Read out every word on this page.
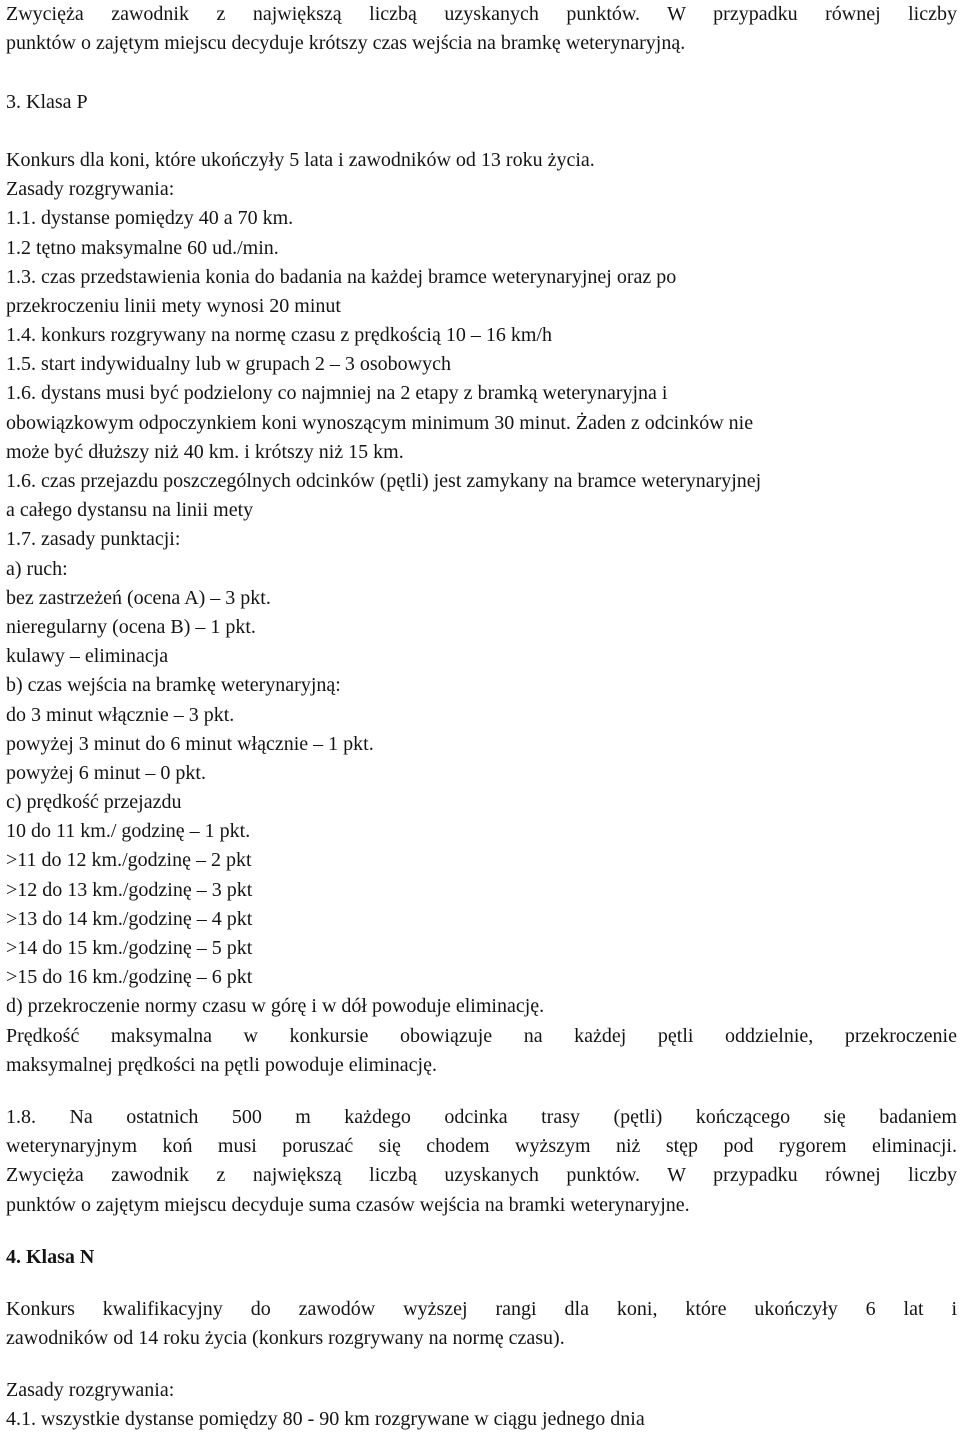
Zwycięża zawodnik z największą liczbą uzyskanych punktów. W przypadku równej liczby
punktów o zajętym miejscu decyduje krótszy czas wejścia na bramkę weterynaryjną.
3. Klasa P
Konkurs dla koni, które ukończyły 5 lata i zawodników od 13 roku życia.
Zasady rozgrywania:
1.1. dystanse pomiędzy 40 a 70 km.
1.2 tętno maksymalne 60 ud./min.
1.3. czas przedstawienia konia do badania na każdej bramce weterynaryjnej oraz po
przekroczeniu linii mety wynosi 20 minut
1.4. konkurs rozgrywany na normę czasu z prędkością 10 – 16 km/h
1.5. start indywidualny lub w grupach 2 – 3 osobowych
1.6. dystans musi być podzielony co najmniej na 2 etapy z bramką weterynaryjna i
obowiązkowym odpoczynkiem koni wynoszącym minimum 30 minut. Żaden z odcinków nie
może być dłuższy niż 40 km. i krótszy niż 15 km.
1.6. czas przejazdu poszczególnych odcinków (pętli) jest zamykany na bramce weterynaryjnej
a całego dystansu na linii mety
1.7. zasady punktacji:
a) ruch:
bez zastrzeżeń (ocena A) – 3 pkt.
nieregularny (ocena B) – 1 pkt.
kulawy – eliminacja
b) czas wejścia na bramkę weterynaryjną:
do 3 minut włącznie – 3 pkt.
powyżej 3 minut do 6 minut włącznie – 1 pkt.
powyżej 6 minut – 0 pkt.
c) prędkość przejazdu
10 do 11 km./ godzinę – 1 pkt.
>11 do 12 km./godzinę – 2 pkt
>12 do 13 km./godzinę – 3 pkt
>13 do 14 km./godzinę – 4 pkt
>14 do 15 km./godzinę – 5 pkt
>15 do 16 km./godzinę – 6 pkt
d) przekroczenie normy czasu w górę i w dół powoduje eliminację.
Prędkość maksymalna w konkursie obowiązuje na każdej pętli oddzielnie, przekroczenie
maksymalnej prędkości na pętli powoduje eliminację.
1.8. Na ostatnich 500 m każdego odcinka trasy (pętli) kończącego się badaniem
weterynaryjnym koń musi poruszać się chodem wyższym niż stęp pod rygorem eliminacji.
Zwycięża zawodnik z największą liczbą uzyskanych punktów. W przypadku równej liczby
punktów o zajętym miejscu decyduje suma czasów wejścia na bramki weterynaryjne.
4. Klasa N
Konkurs kwalifikacyjny do zawodów wyższej rangi dla koni, które ukończyły 6 lat i
zawodników od 14 roku życia (konkurs rozgrywany na normę czasu).
Zasady rozgrywania:
4.1. wszystkie dystanse pomiędzy 80 - 90 km rozgrywane w ciągu jednego dnia
